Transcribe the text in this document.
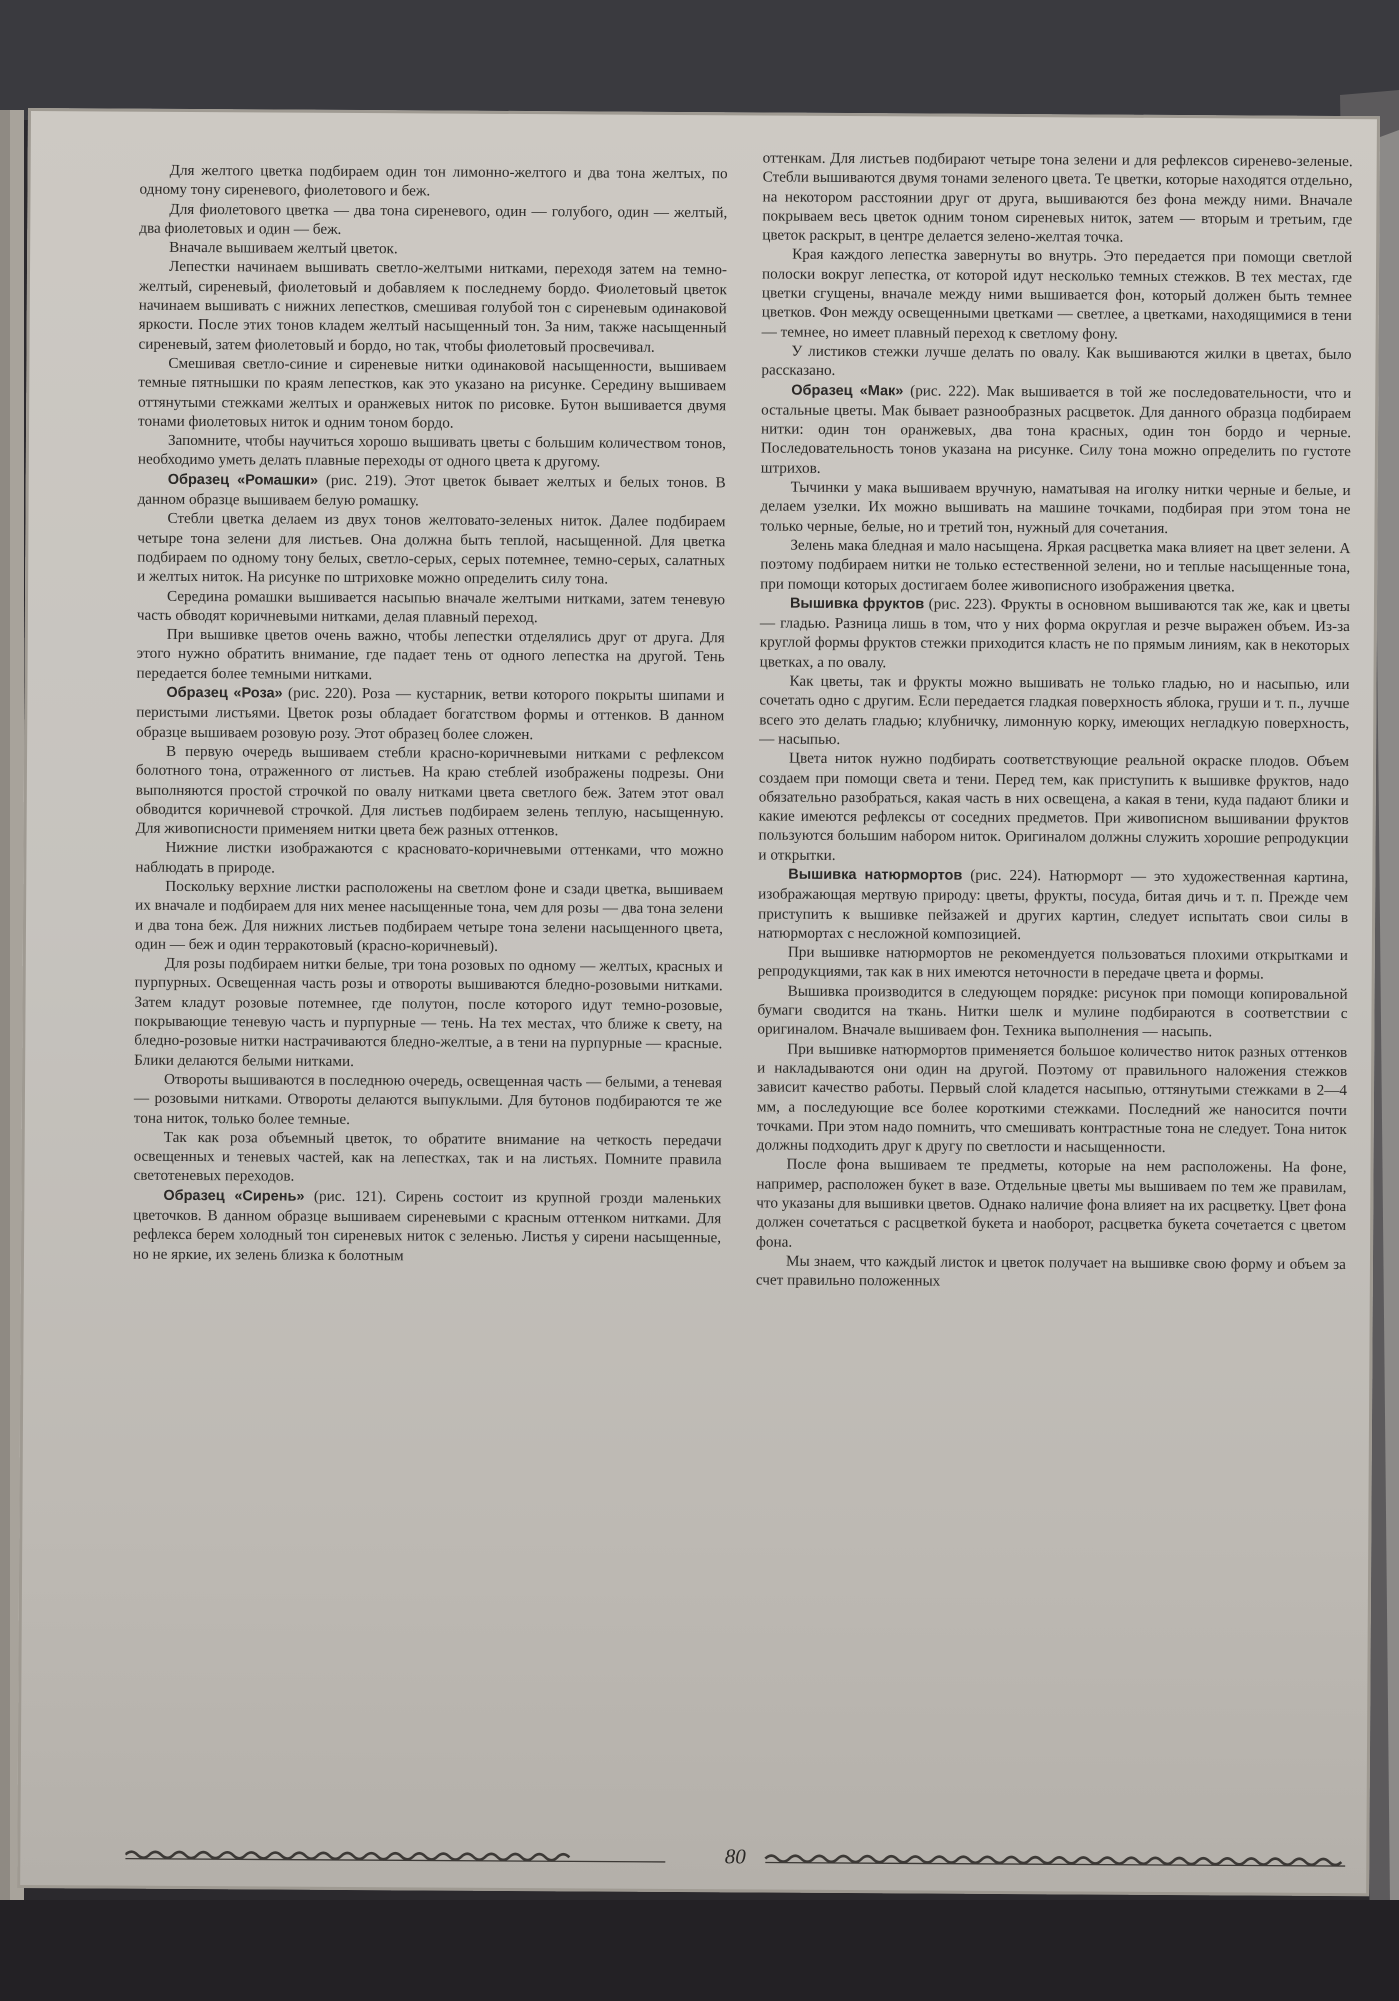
Для желтого цветка подбираем один тон лимонно-желтого и два тона желтых, по одному тону сиреневого, фиолетового и беж.

Для фиолетового цветка — два тона сиреневого, один — голубого, один — желтый, два фиолетовых и один — беж.

Вначале вышиваем желтый цветок.

Лепестки начинаем вышивать светло-желтыми нитками, переходя затем на темно-желтый, сиреневый, фиолетовый и добавляем к последнему бордо. Фиолетовый цветок начинаем вышивать с нижних лепестков, смешивая голубой тон с сиреневым одинаковой яркости. После этих тонов кладем желтый насыщенный тон. За ним, также насыщенный сиреневый, затем фиолетовый и бордо, но так, чтобы фиолетовый просвечивал.

Смешивая светло-синие и сиреневые нитки одинаковой насыщенности, вышиваем темные пятнышки по краям лепестков, как это указано на рисунке. Середину вышиваем оттянутыми стежками желтых и оранжевых ниток по рисовке. Бутон вышивается двумя тонами фиолетовых ниток и одним тоном бордо.

Запомните, чтобы научиться хорошо вышивать цветы с большим количеством тонов, необходимо уметь делать плавные переходы от одного цвета к другому.

Образец «Ромашки» (рис. 219). Этот цветок бывает желтых и белых тонов. В данном образце вышиваем белую ромашку.

Стебли цветка делаем из двух тонов желтовато-зеленых ниток. Далее подбираем четыре тона зелени для листьев. Она должна быть теплой, насыщенной. Для цветка подбираем по одному тону белых, светло-серых, серых потемнее, темно-серых, салатных и желтых ниток. На рисунке по штриховке можно определить силу тона.

Середина ромашки вышивается насыпью вначале желтыми нитками, затем теневую часть обводят коричневыми нитками, делая плавный переход.

При вышивке цветов очень важно, чтобы лепестки отделялись друг от друга. Для этого нужно обратить внимание, где падает тень от одного лепестка на другой. Тень передается более темными нитками.

Образец «Роза» (рис. 220). Роза — кустарник, ветви которого покрыты шипами и перистыми листьями. Цветок розы обладает богатством формы и оттенков. В данном образце вышиваем розовую розу. Этот образец более сложен.

В первую очередь вышиваем стебли красно-коричневыми нитками с рефлексом болотного тона, отраженного от листьев. На краю стеблей изображены подрезы. Они выполняются простой строчкой по овалу нитками цвета светлого беж. Затем этот овал обводится коричневой строчкой. Для листьев подбираем зелень теплую, насыщенную. Для живописности применяем нитки цвета беж разных оттенков.

Нижние листки изображаются с красновато-коричневыми оттенками, что можно наблюдать в природе.

Поскольку верхние листки расположены на светлом фоне и сзади цветка, вышиваем их вначале и подбираем для них менее насыщенные тона, чем для розы — два тона зелени и два тона беж. Для нижних листьев подбираем четыре тона зелени насыщенного цвета, один — беж и один терракотовый (красно-коричневый).

Для розы подбираем нитки белые, три тона розовых по одному — желтых, красных и пурпурных. Освещенная часть розы и отвороты вышиваются бледно-розовыми нитками. Затем кладут розовые потемнее, где полутон, после которого идут темно-розовые, покрывающие теневую часть и пурпурные — тень. На тех местах, что ближе к свету, на бледно-розовые нитки настрачиваются бледно-желтые, а в тени на пурпурные — красные. Блики делаются белыми нитками.

Отвороты вышиваются в последнюю очередь, освещенная часть — белыми, а теневая — розовыми нитками. Отвороты делаются выпуклыми. Для бутонов подбираются те же тона ниток, только более темные.

Так как роза объемный цветок, то обратите внимание на четкость передачи освещенных и теневых частей, как на лепестках, так и на листьях. Помните правила светотеневых переходов.

Образец «Сирень» (рис. 121). Сирень состоит из крупной грозди маленьких цветочков. В данном образце вышиваем сиреневыми с красным оттенком нитками. Для рефлекса берем холодный тон сиреневых ниток с зеленью. Листья у сирени насыщенные, но не яркие, их зелень близка к болотным

оттенкам. Для листьев подбирают четыре тона зелени и для рефлексов сиренево-зеленые. Стебли вышиваются двумя тонами зеленого цвета. Те цветки, которые находятся отдельно, на некотором расстоянии друг от друга, вышиваются без фона между ними. Вначале покрываем весь цветок одним тоном сиреневых ниток, затем — вторым и третьим, где цветок раскрыт, в центре делается зелено-желтая точка.

Края каждого лепестка завернуты во внутрь. Это передается при помощи светлой полоски вокруг лепестка, от которой идут несколько темных стежков. В тех местах, где цветки сгущены, вначале между ними вышивается фон, который должен быть темнее цветков. Фон между освещенными цветками — светлее, а цветками, находящимися в тени — темнее, но имеет плавный переход к светлому фону.

У листиков стежки лучше делать по овалу. Как вышиваются жилки в цветах, было рассказано.

Образец «Мак» (рис. 222). Мак вышивается в той же последовательности, что и остальные цветы. Мак бывает разнообразных расцветок. Для данного образца подбираем нитки: один тон оранжевых, два тона красных, один тон бордо и черные. Последовательность тонов указана на рисунке. Силу тона можно определить по густоте штрихов.

Тычинки у мака вышиваем вручную, наматывая на иголку нитки черные и белые, и делаем узелки. Их можно вышивать на машине точками, подбирая при этом тона не только черные, белые, но и третий тон, нужный для сочетания.

Зелень мака бледная и мало насыщена. Яркая расцветка мака влияет на цвет зелени. А поэтому подбираем нитки не только естественной зелени, но и теплые насыщенные тона, при помощи которых достигаем более живописного изображения цветка.

Вышивка фруктов (рис. 223). Фрукты в основном вышиваются так же, как и цветы — гладью. Разница лишь в том, что у них форма округлая и резче выражен объем. Из-за круглой формы фруктов стежки приходится класть не по прямым линиям, как в некоторых цветках, а по овалу.

Как цветы, так и фрукты можно вышивать не только гладью, но и насыпью, или сочетать одно с другим. Если передается гладкая поверхность яблока, груши и т. п., лучше всего это делать гладью; клубничку, лимонную корку, имеющих негладкую поверхность, — насыпью.

Цвета ниток нужно подбирать соответствующие реальной окраске плодов. Объем создаем при помощи света и тени. Перед тем, как приступить к вышивке фруктов, надо обязательно разобраться, какая часть в них освещена, а какая в тени, куда падают блики и какие имеются рефлексы от соседних предметов. При живописном вышивании фруктов пользуются большим набором ниток. Оригиналом должны служить хорошие репродукции и открытки.

Вышивка натюрмортов (рис. 224). Натюрморт — это художественная картина, изображающая мертвую природу: цветы, фрукты, посуда, битая дичь и т. п. Прежде чем приступить к вышивке пейзажей и других картин, следует испытать свои силы в натюрмортах с несложной композицией.

При вышивке натюрмортов не рекомендуется пользоваться плохими открытками и репродукциями, так как в них имеются неточности в передаче цвета и формы.

Вышивка производится в следующем порядке: рисунок при помощи копировальной бумаги сводится на ткань. Нитки шелк и мулине подбираются в соответствии с оригиналом. Вначале вышиваем фон. Техника выполнения — насыпь.

При вышивке натюрмортов применяется большое количество ниток разных оттенков и накладываются они один на другой. Поэтому от правильного наложения стежков зависит качество работы. Первый слой кладется насыпью, оттянутыми стежками в 2—4 мм, а последующие все более короткими стежками. Последний же наносится почти точками. При этом надо помнить, что смешивать контрастные тона не следует. Тона ниток должны подходить друг к другу по светлости и насыщенности.

После фона вышиваем те предметы, которые на нем расположены. На фоне, например, расположен букет в вазе. Отдельные цветы мы вышиваем по тем же правилам, что указаны для вышивки цветов. Однако наличие фона влияет на их расцветку. Цвет фона должен сочетаться с расцветкой букета и наоборот, расцветка букета сочетается с цветом фона.

Мы знаем, что каждый листок и цветок получает на вышивке свою форму и объем за счет правильно положенных

80
